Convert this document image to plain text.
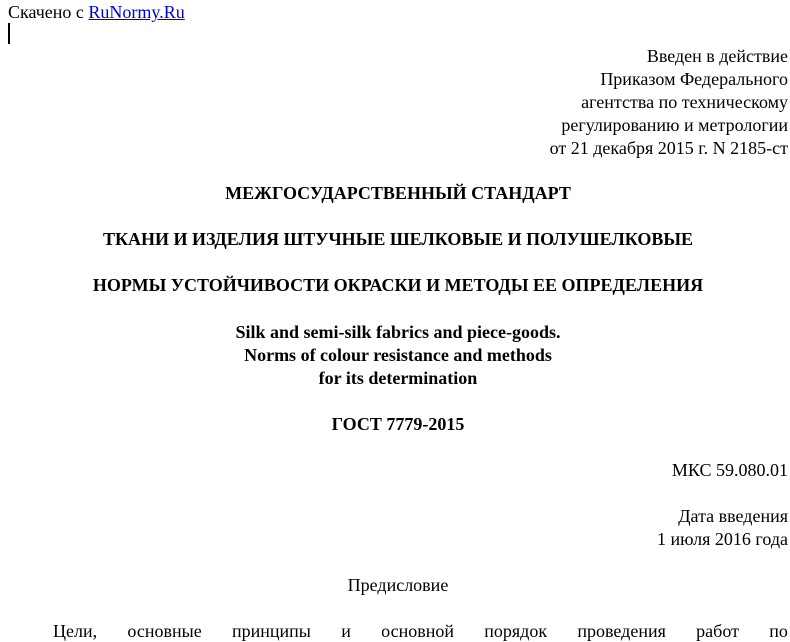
Скачено с RuNormy.Ru
Введен в действие
Приказом Федерального
агентства по техническому
регулированию и метрологии
от 21 декабря 2015 г. N 2185-ст
МЕЖГОСУДАРСТВЕННЫЙ СТАНДАРТ
ТКАНИ И ИЗДЕЛИЯ ШТУЧНЫЕ ШЕЛКОВЫЕ И ПОЛУШЕЛКОВЫЕ
НОРМЫ УСТОЙЧИВОСТИ ОКРАСКИ И МЕТОДЫ ЕЕ ОПРЕДЕЛЕНИЯ
Silk and semi-silk fabrics and piece-goods.
Norms of colour resistance and methods
for its determination
ГОСТ 7779-2015
МКС 59.080.01
Дата введения
1 июля 2016 года
Предисловие
Цели, основные принципы и основной порядок проведения работ по
